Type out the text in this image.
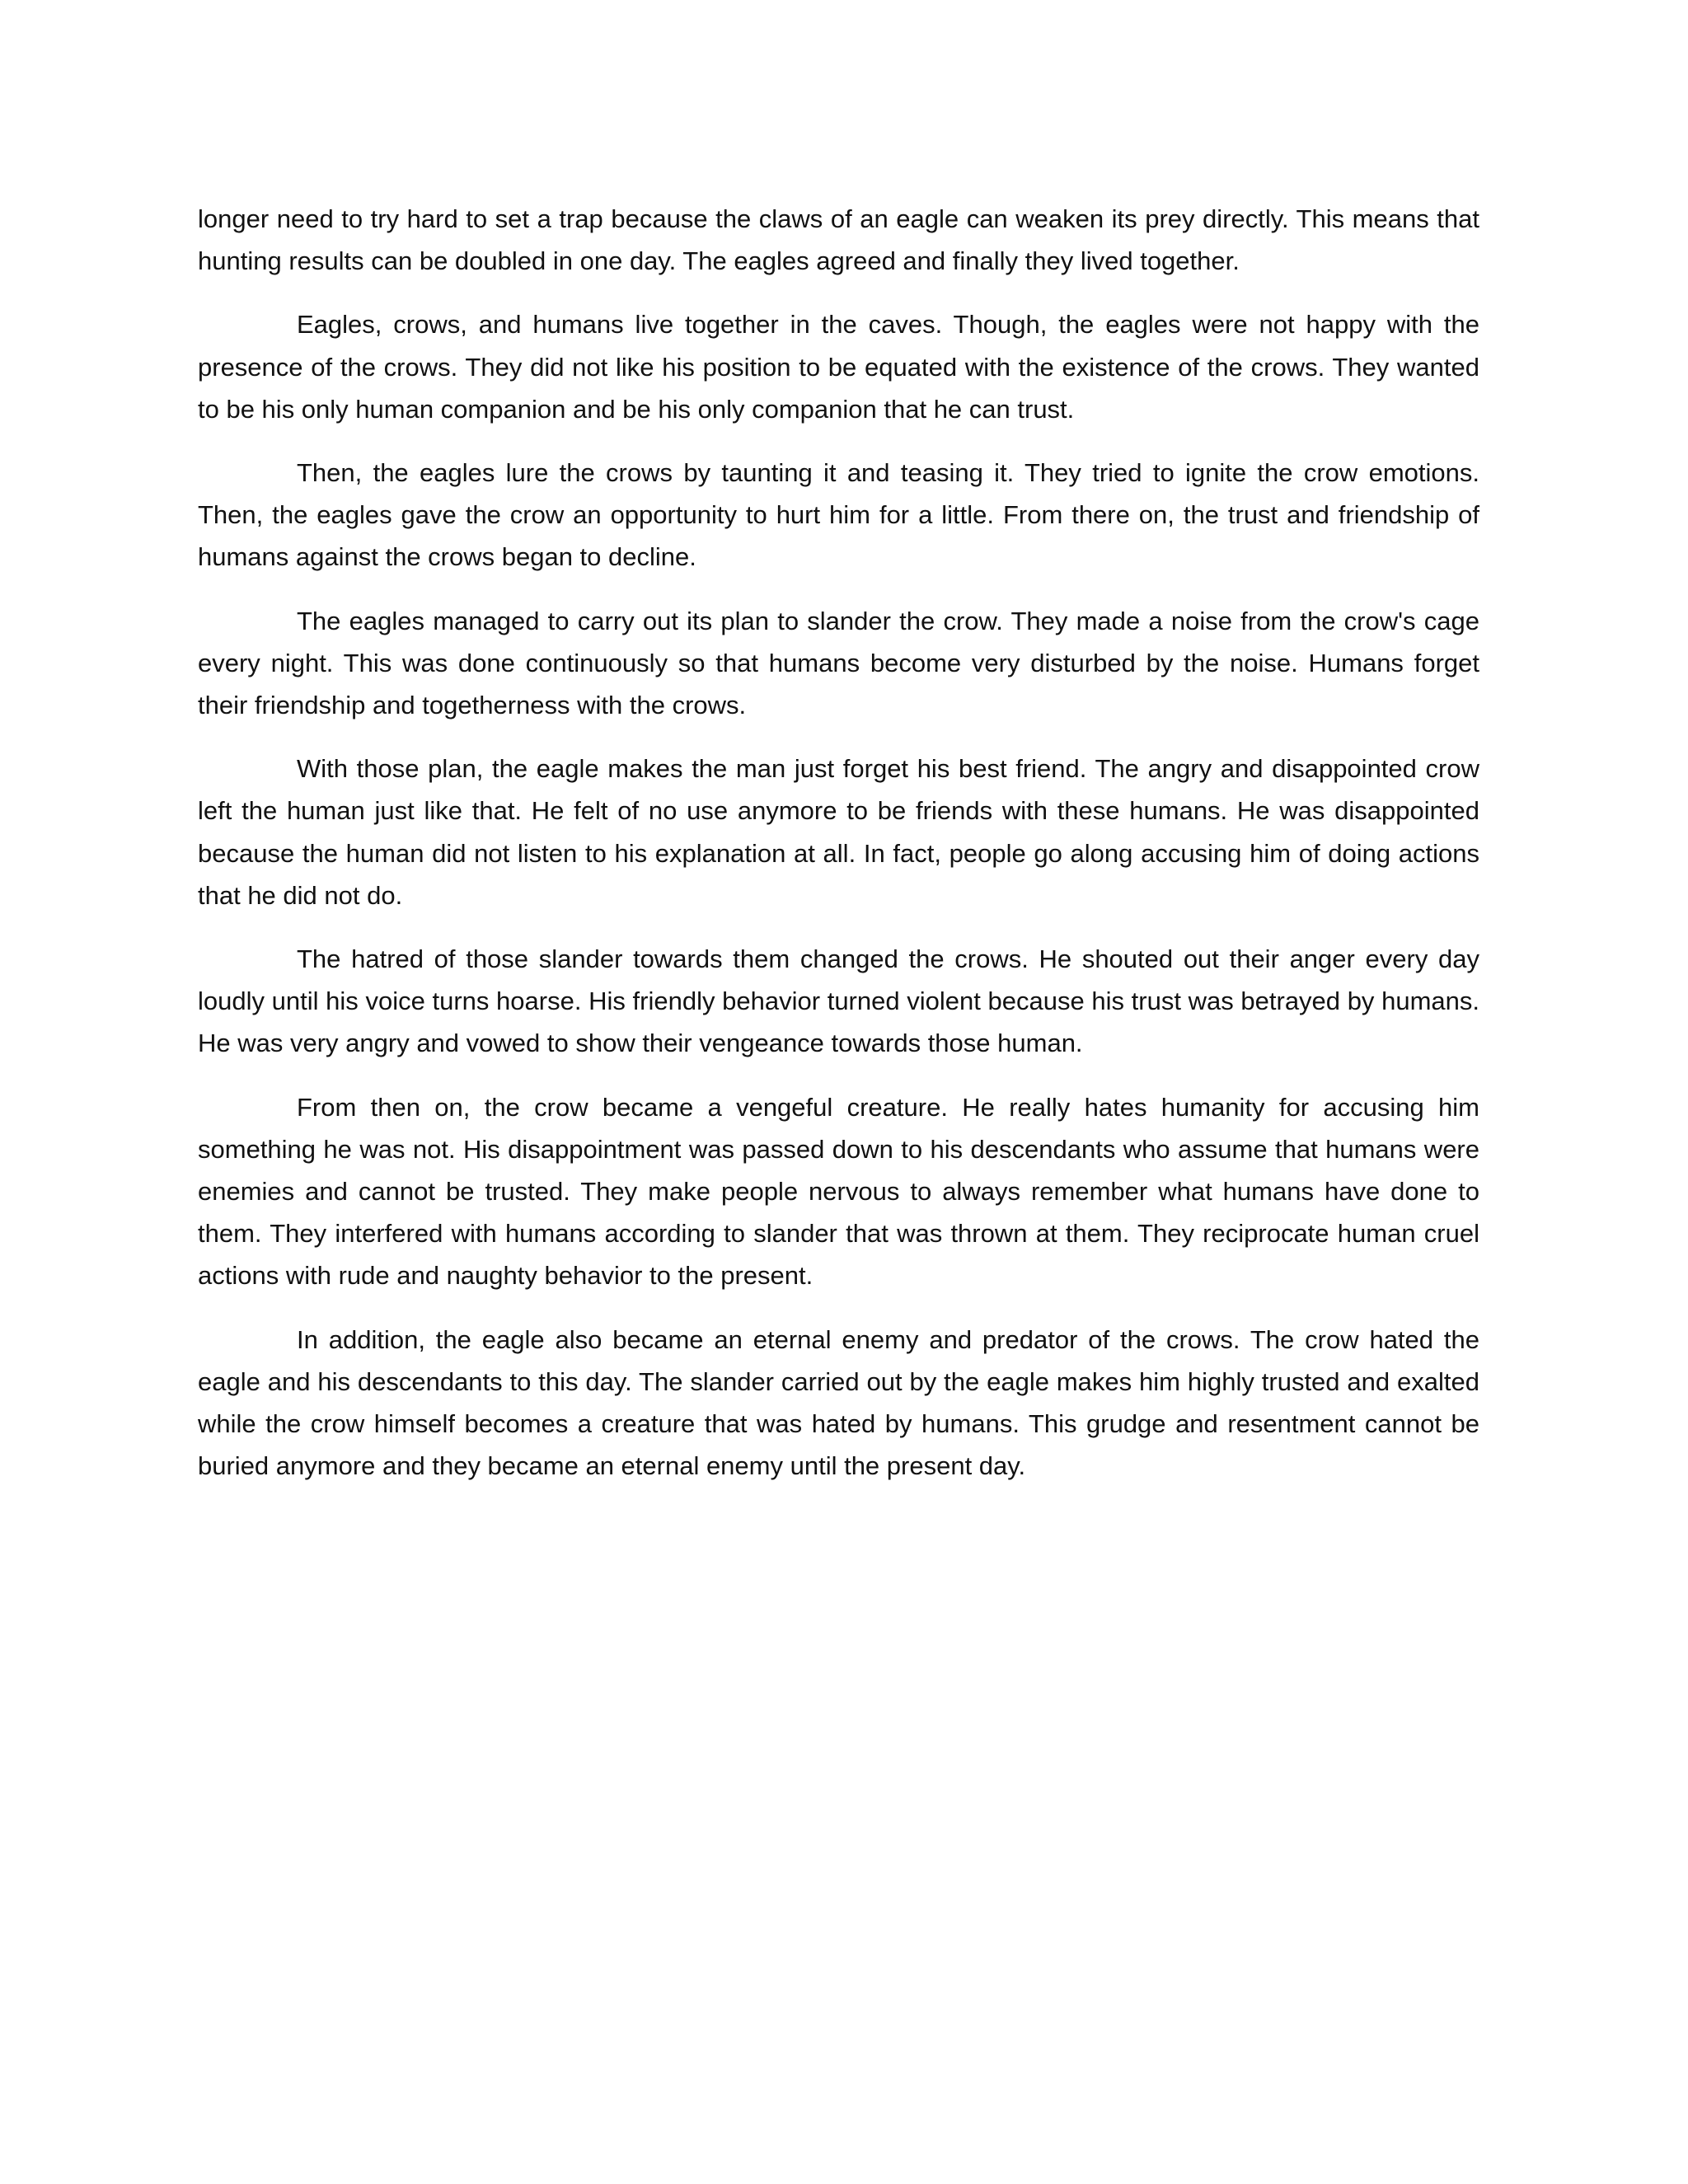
longer need to try hard to set a trap because the claws of an eagle can weaken its prey directly. This means that hunting results can be doubled in one day. The eagles agreed and finally they lived together.

Eagles, crows, and humans live together in the caves. Though, the eagles were not happy with the presence of the crows. They did not like his position to be equated with the existence of the crows. They wanted to be his only human companion and be his only companion that he can trust.

Then, the eagles lure the crows by taunting it and teasing it. They tried to ignite the crow emotions. Then, the eagles gave the crow an opportunity to hurt him for a little. From there on, the trust and friendship of humans against the crows began to decline.

The eagles managed to carry out its plan to slander the crow. They made a noise from the crow's cage every night. This was done continuously so that humans become very disturbed by the noise. Humans forget their friendship and togetherness with the crows.

With those plan, the eagle makes the man just forget his best friend. The angry and disappointed crow left the human just like that. He felt of no use anymore to be friends with these humans. He was disappointed because the human did not listen to his explanation at all. In fact, people go along accusing him of doing actions that he did not do.

The hatred of those slander towards them changed the crows. He shouted out their anger every day loudly until his voice turns hoarse. His friendly behavior turned violent because his trust was betrayed by humans. He was very angry and vowed to show their vengeance towards those human.

From then on, the crow became a vengeful creature. He really hates humanity for accusing him something he was not. His disappointment was passed down to his descendants who assume that humans were enemies and cannot be trusted. They make people nervous to always remember what humans have done to them. They interfered with humans according to slander that was thrown at them. They reciprocate human cruel actions with rude and naughty behavior to the present.

In addition, the eagle also became an eternal enemy and predator of the crows. The crow hated the eagle and his descendants to this day. The slander carried out by the eagle makes him highly trusted and exalted while the crow himself becomes a creature that was hated by humans. This grudge and resentment cannot be buried anymore and they became an eternal enemy until the present day.
